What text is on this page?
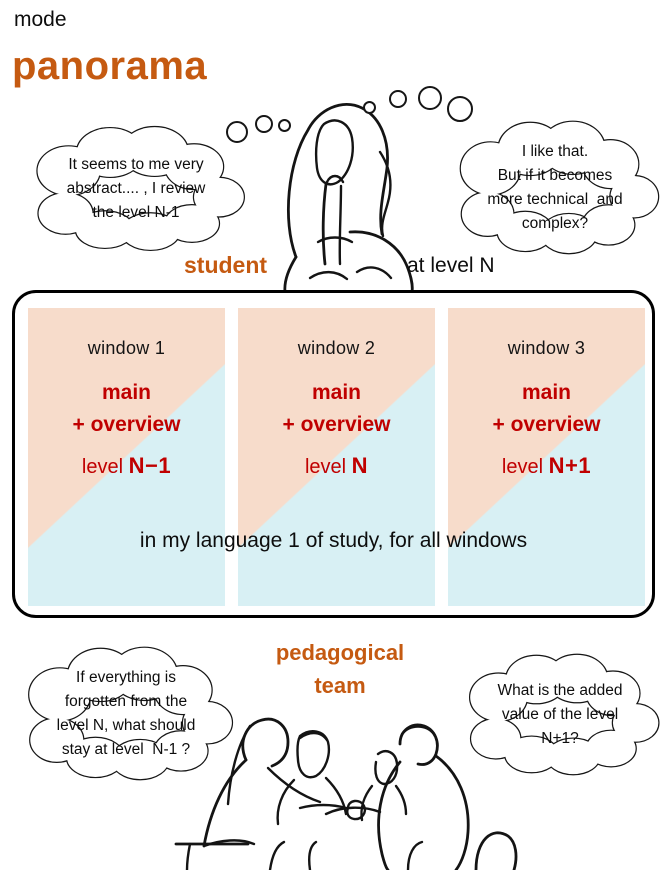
mode
panorama
It seems to me very
abstract.... , I review
the level N-1
I like that.
But if it becomes
more technical  and
complex?
student	at level N
window 1
main
+ overview
level N−1
window 2
main
+ overview
level N
window 3
main
+ overview
level N+1
in my language 1 of study, for all windows
If everything is
forgotten from the
level N, what should
stay at level  N-1 ?
What is the added
value of the level
N+1?
pedagogical
team
